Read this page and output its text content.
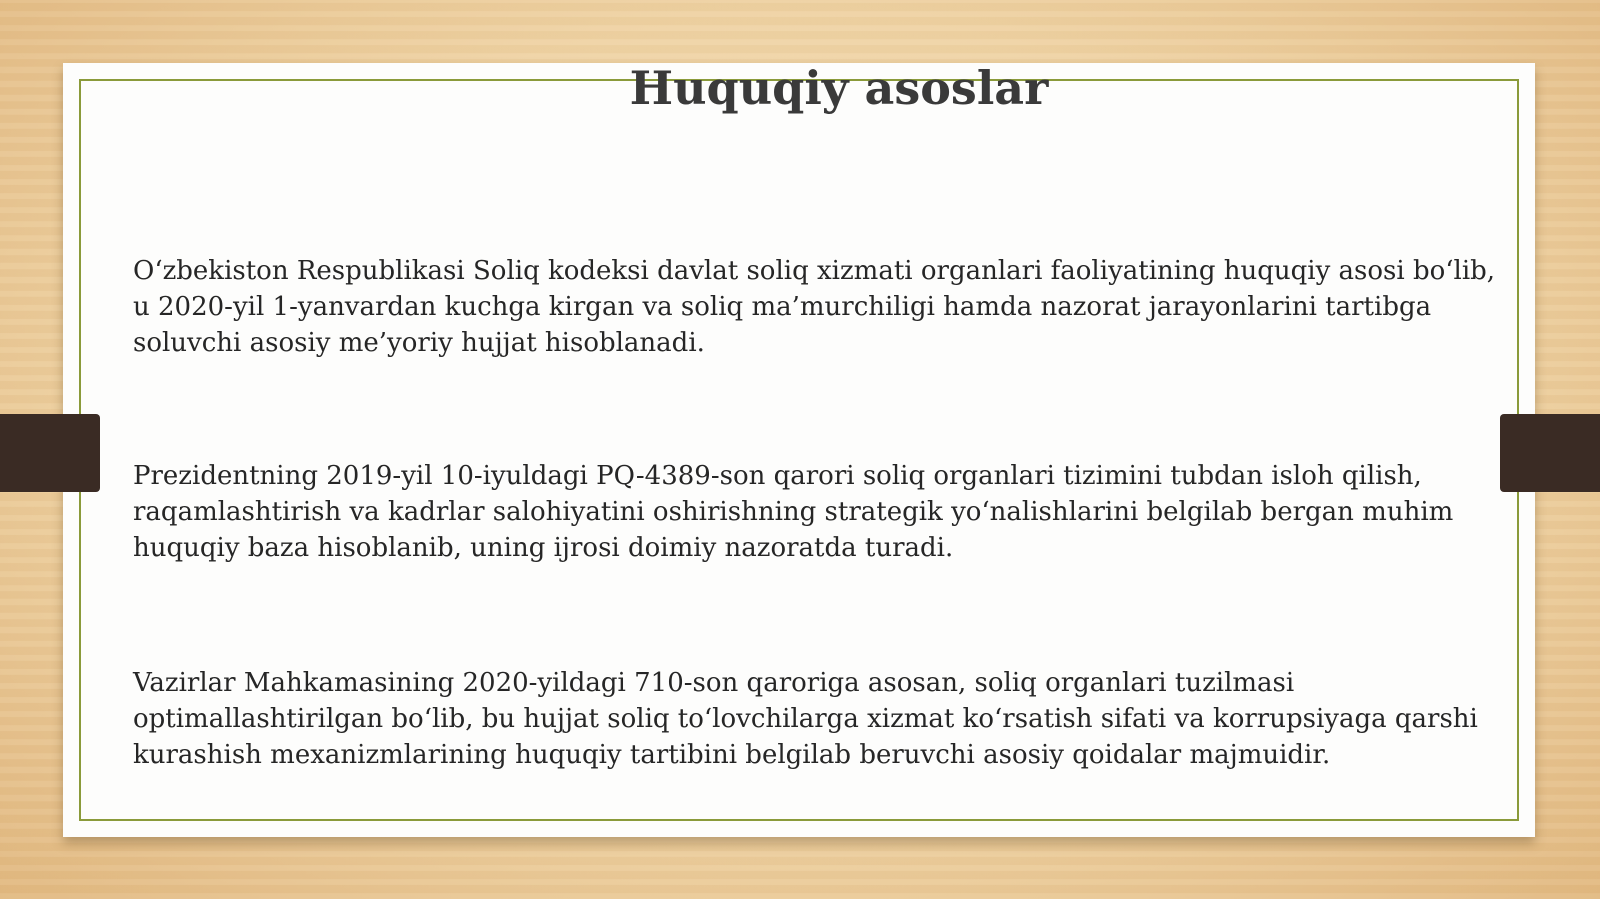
Huquqiy asoslar

O‘zbekiston Respublikasi Soliq kodeksi davlat soliq xizmati organlari faoliyatining huquqiy asosi bo‘lib, u 2020-yil 1-yanvardan kuchga kirgan va soliq ma’murchiligi hamda nazorat jarayonlarini tartibga soluvchi asosiy me’yoriy hujjat hisoblanadi.

Prezidentning 2019-yil 10-iyuldagi PQ-4389-son qarori soliq organlari tizimini tubdan isloh qilish, raqamlashtirish va kadrlar salohiyatini oshirishning strategik yo‘nalishlarini belgilab bergan muhim huquqiy baza hisoblanib, uning ijrosi doimiy nazoratda turadi.

Vazirlar Mahkamasining 2020-yildagi 710-son qaroriga asosan, soliq organlari tuzilmasi optimallashtirilgan bo‘lib, bu hujjat soliq to‘lovchilarga xizmat ko‘rsatish sifati va korrupsiyaga qarshi kurashish mexanizmlarining huquqiy tartibini belgilab beruvchi asosiy qoidalar majmuidir.
